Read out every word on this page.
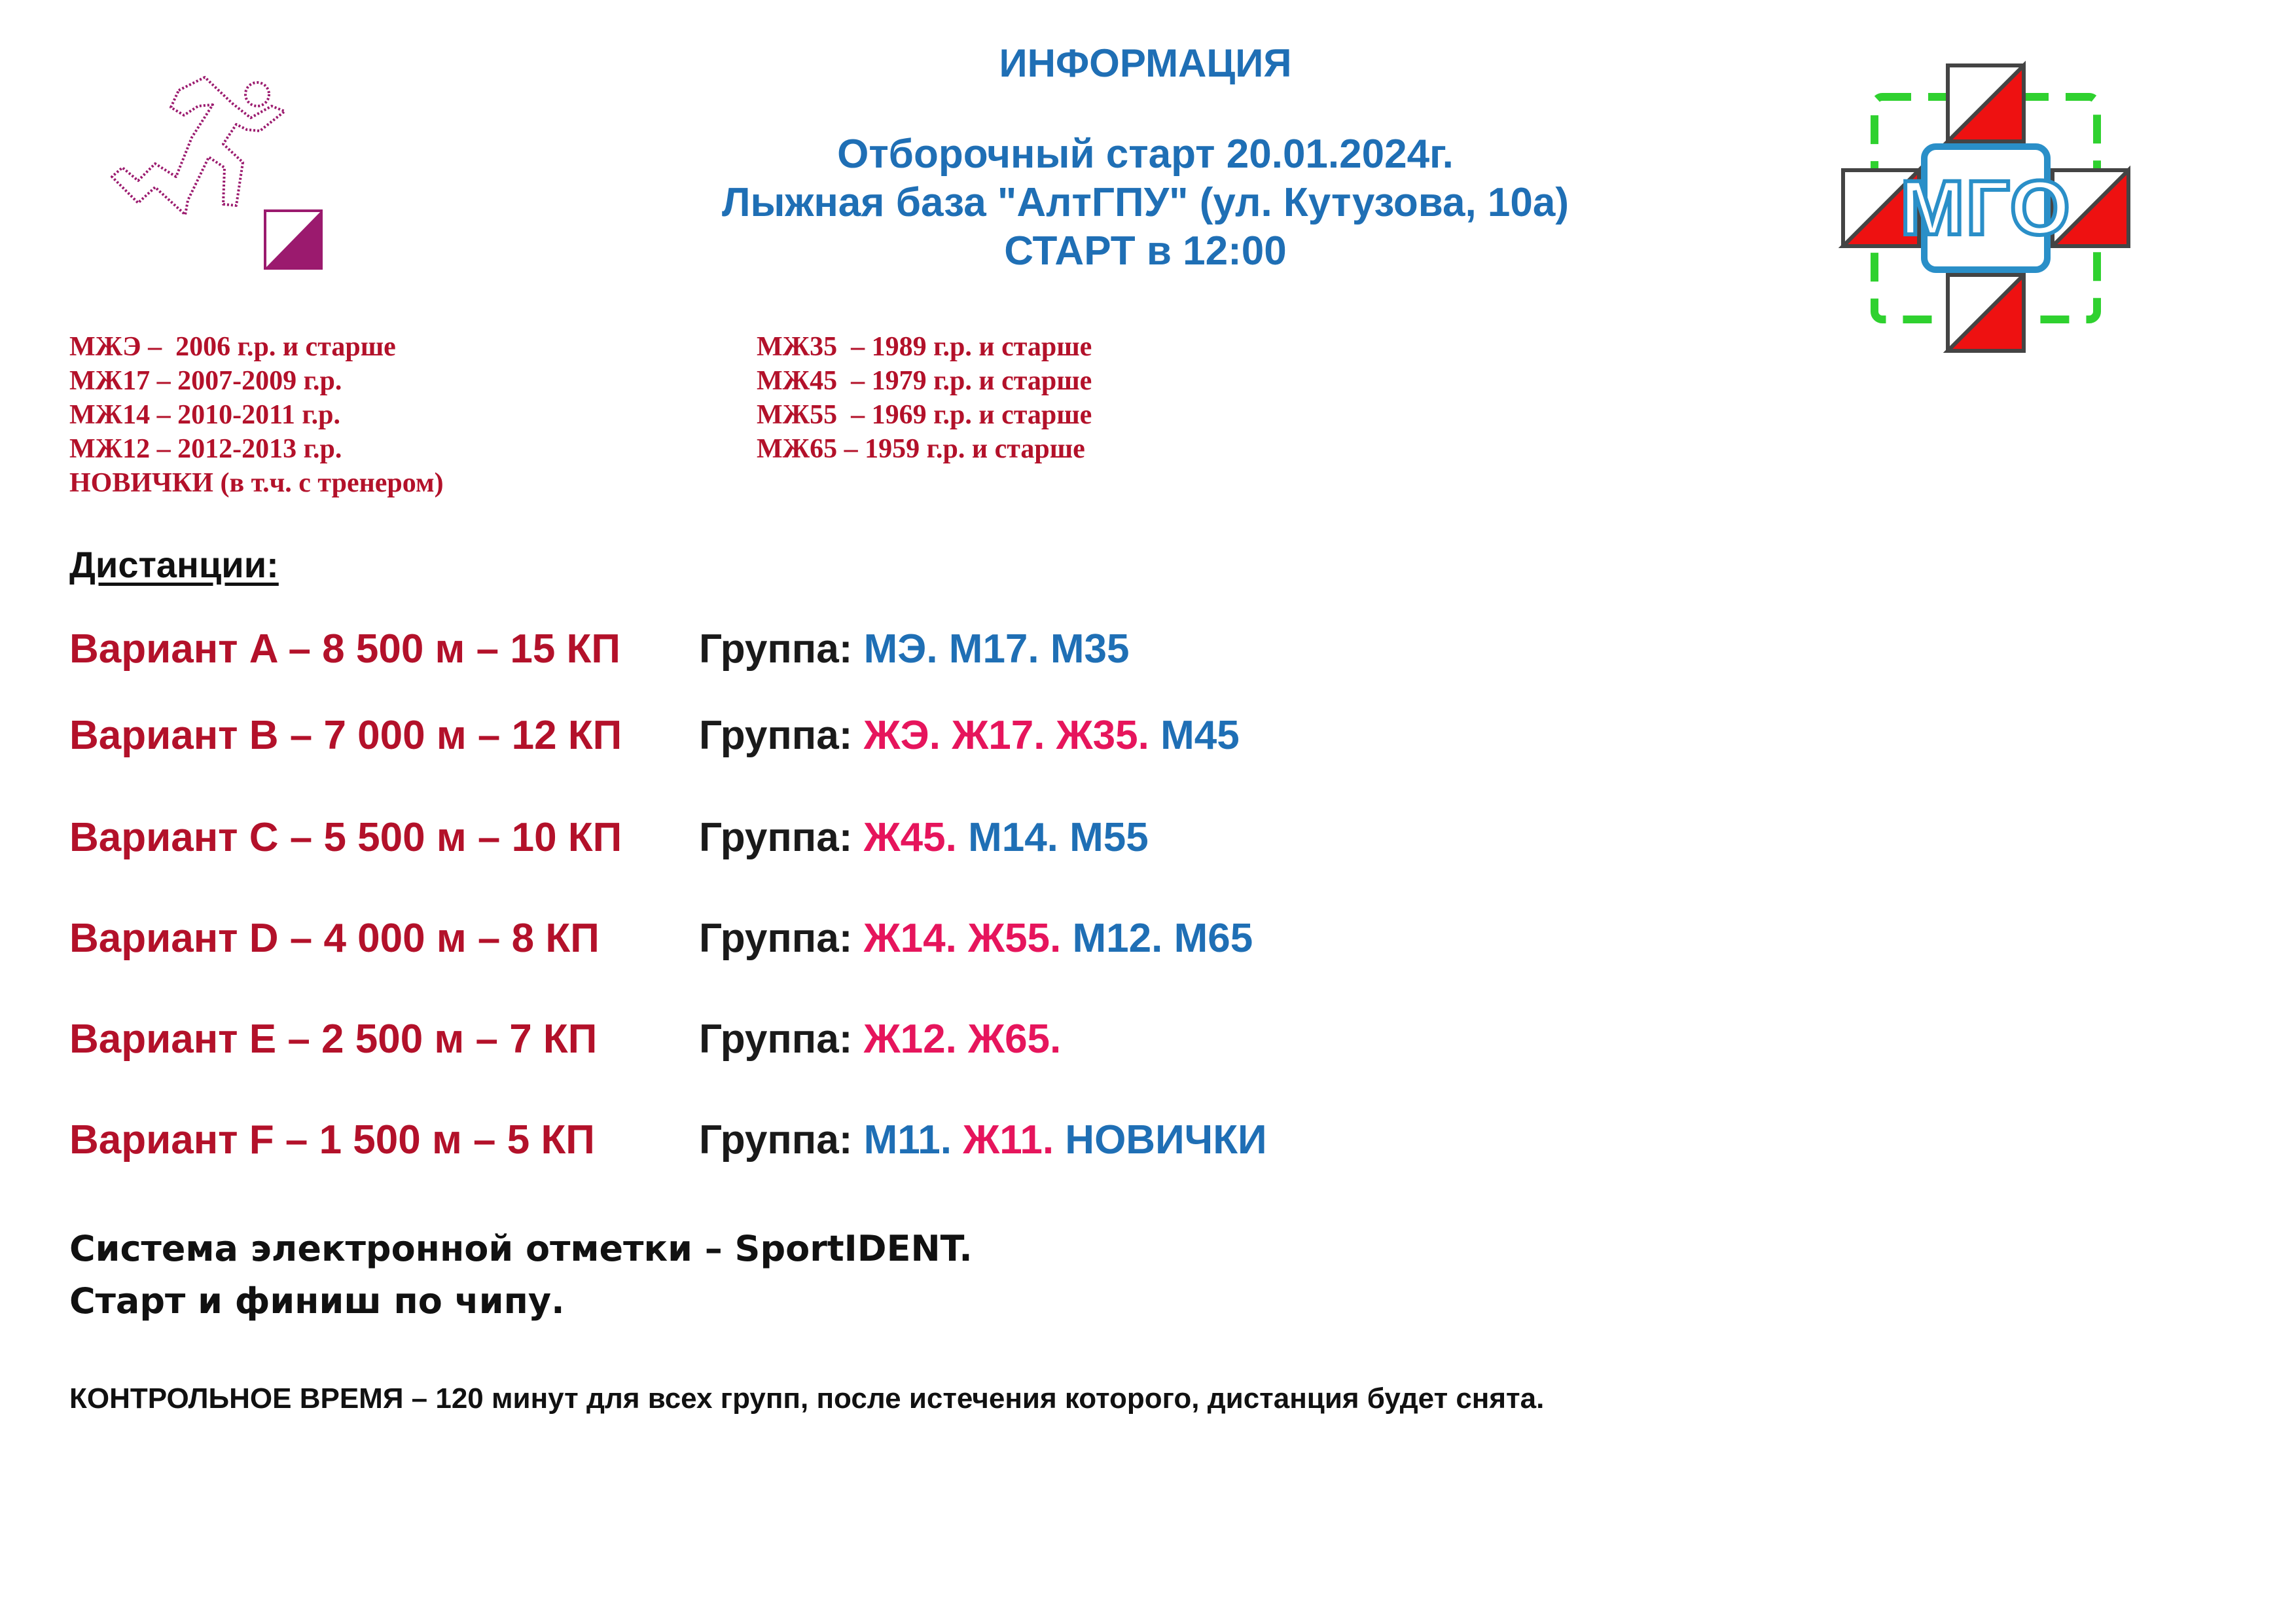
ИНФОРМАЦИЯ
Отборочный старт 20.01.2024г.
Лыжная база "АлтГПУ" (ул. Кутузова, 10а)
СТАРТ в 12:00	МГО
МЖЭ –  2006 г.р. и старше
МЖ17 – 2007-2009 г.р.
МЖ14 – 2010-2011 г.р.
МЖ12 – 2012-2013 г.р.
НОВИЧКИ (в т.ч. с тренером)
МЖ35  – 1989 г.р. и старше
МЖ45  – 1979 г.р. и старше
МЖ55  – 1969 г.р. и старше
МЖ65 – 1959 г.р. и старше
Дистанции:
Вариант A – 8 500 м – 15 КП Группа: МЭ. М17. М35
Вариант B – 7 000 м – 12 КП Группа: ЖЭ. Ж17. Ж35. М45
Вариант C – 5 500 м – 10 КП Группа: Ж45. М14. М55
Вариант D – 4 000 м – 8 КП Группа: Ж14. Ж55. М12. М65
Вариант E – 2 500 м – 7 КП	Группа: Ж12. Ж65.
Вариант F – 1 500 м – 5 КП	Группа: М11. Ж11. НОВИЧКИ
Система электронной отметки – SportIDENT.
Старт и финиш по чипу.
КОНТРОЛЬНОЕ ВРЕМЯ – 120 минут для всех групп, после истечения которого, дистанция будет снята.
